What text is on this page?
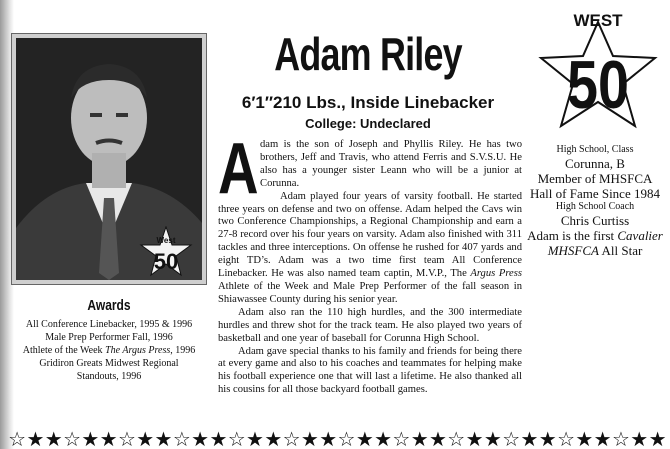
West
50
Awards
All Conference Linebacker, 1995 & 1996
Male Prep Performer Fall, 1996
Athlete of the Week The Argus Press, 1996
Gridiron Greats Midwest Regional
Standouts, 1996
Adam Riley
6′1″210 Lbs., Inside Linebacker
College: Undeclared
A dam is the son of Joseph and Phyllis Riley. He has two brothers, Jeff and Travis, who attend Ferris and S.V.S.U. He also has a younger sister Leann who will be a junior at Corunna.

Adam played four years of varsity football. He started three years on defense and two on offense. Adam helped the Cavs win two Conference Championships, a Regional Championship and earn a 27-8 record over his four years on varsity. Adam also finished with 311 tackles and three interceptions. On offense he rushed for 407 yards and eight TD’s. Adam was a two time first team All Conference Linebacker. He was also named team captin, M.V.P., The Argus Press Athlete of the Week and Male Prep Performer of the fall season in Shiawassee County during his senior year.

Adam also ran the 110 high hurdles, and the 300 intermediate hurdles and threw shot for the track team. He also played two years of basketball and one year of baseball for Corunna High School.

Adam gave special thanks to his family and friends for being there at every game and also to his coaches and teammates for helping make his football experience one that will last a lifetime. He also thanked all his cousins for all those backyard football games.

WEST
50
High School, Class
Corunna, B
Member of MHSFCA
Hall of Fame Since 1984
High School Coach
Chris Curtiss
Adam is the first Cavalier
MHSFCA All Star
☆★★☆★★☆★★☆★★☆★★☆★★☆★★☆★★☆★★☆★★☆★★☆★★
